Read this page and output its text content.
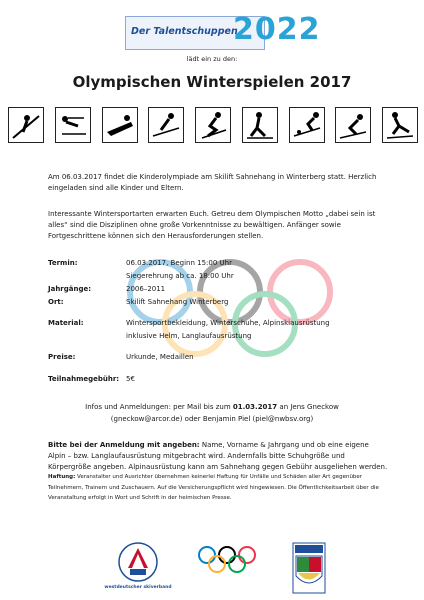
Der Talentschuppen
2022
lädt ein zu den:
Olympischen Winterspielen 2017
Am 06.03.2017 findet die Kinderolympiade am Skilift Sahnehang in Winterberg statt. Herzlich eingeladen sind alle Kinder und Eltern.
Interessante Wintersportarten erwarten Euch. Getreu dem Olympischen Motto „dabei sein ist alles“ sind die Disziplinen ohne große Vorkenntnisse zu bewältigen. Anfänger sowie Fortgeschrittene können sich den Herausforderungen stellen.
Termin:	06.03.2017, Beginn 15:00 Uhr
Siegerehrung ab ca. 18:00 Uhr
Jahrgänge:	2006–2011
Ort:	Skilift Sahnehang Winterberg
Material:	Wintersportbekleidung, Winterschuhe, Alpinskiausrüstung
inklusive Helm, Langlaufausrüstung
Preise:	Urkunde, Medaillen
Teilnahmegebühr: 5€
Infos und Anmeldungen: per Mail bis zum 01.03.2017 an Jens Gneckow
(gneckow@arcor.de) oder Benjamin Piel (piel@nwbsv.org)
Bitte bei der Anmeldung mit angeben: Name, Vorname & Jahrgang und ob eine eigene Alpin – bzw. Langlaufausrüstung mitgebracht wird. Andernfalls bitte Schuhgröße und Körpergröße angeben. Alpinausrüstung kann am Sahnehang gegen Gebühr ausgeliehen werden.
Haftung: Veranstalter und Ausrichter übernehmen keinerlei Haftung für Unfälle und Schäden aller Art gegenüber Teilnehmern, Trainern und Zuschauern. Auf die Versicherungspflicht wird hingewiesen. Die Öffentlichkeitsarbeit über die Veranstaltung erfolgt in Wort und Schrift in der heimischen Presse.
westdeutscher skiverband
